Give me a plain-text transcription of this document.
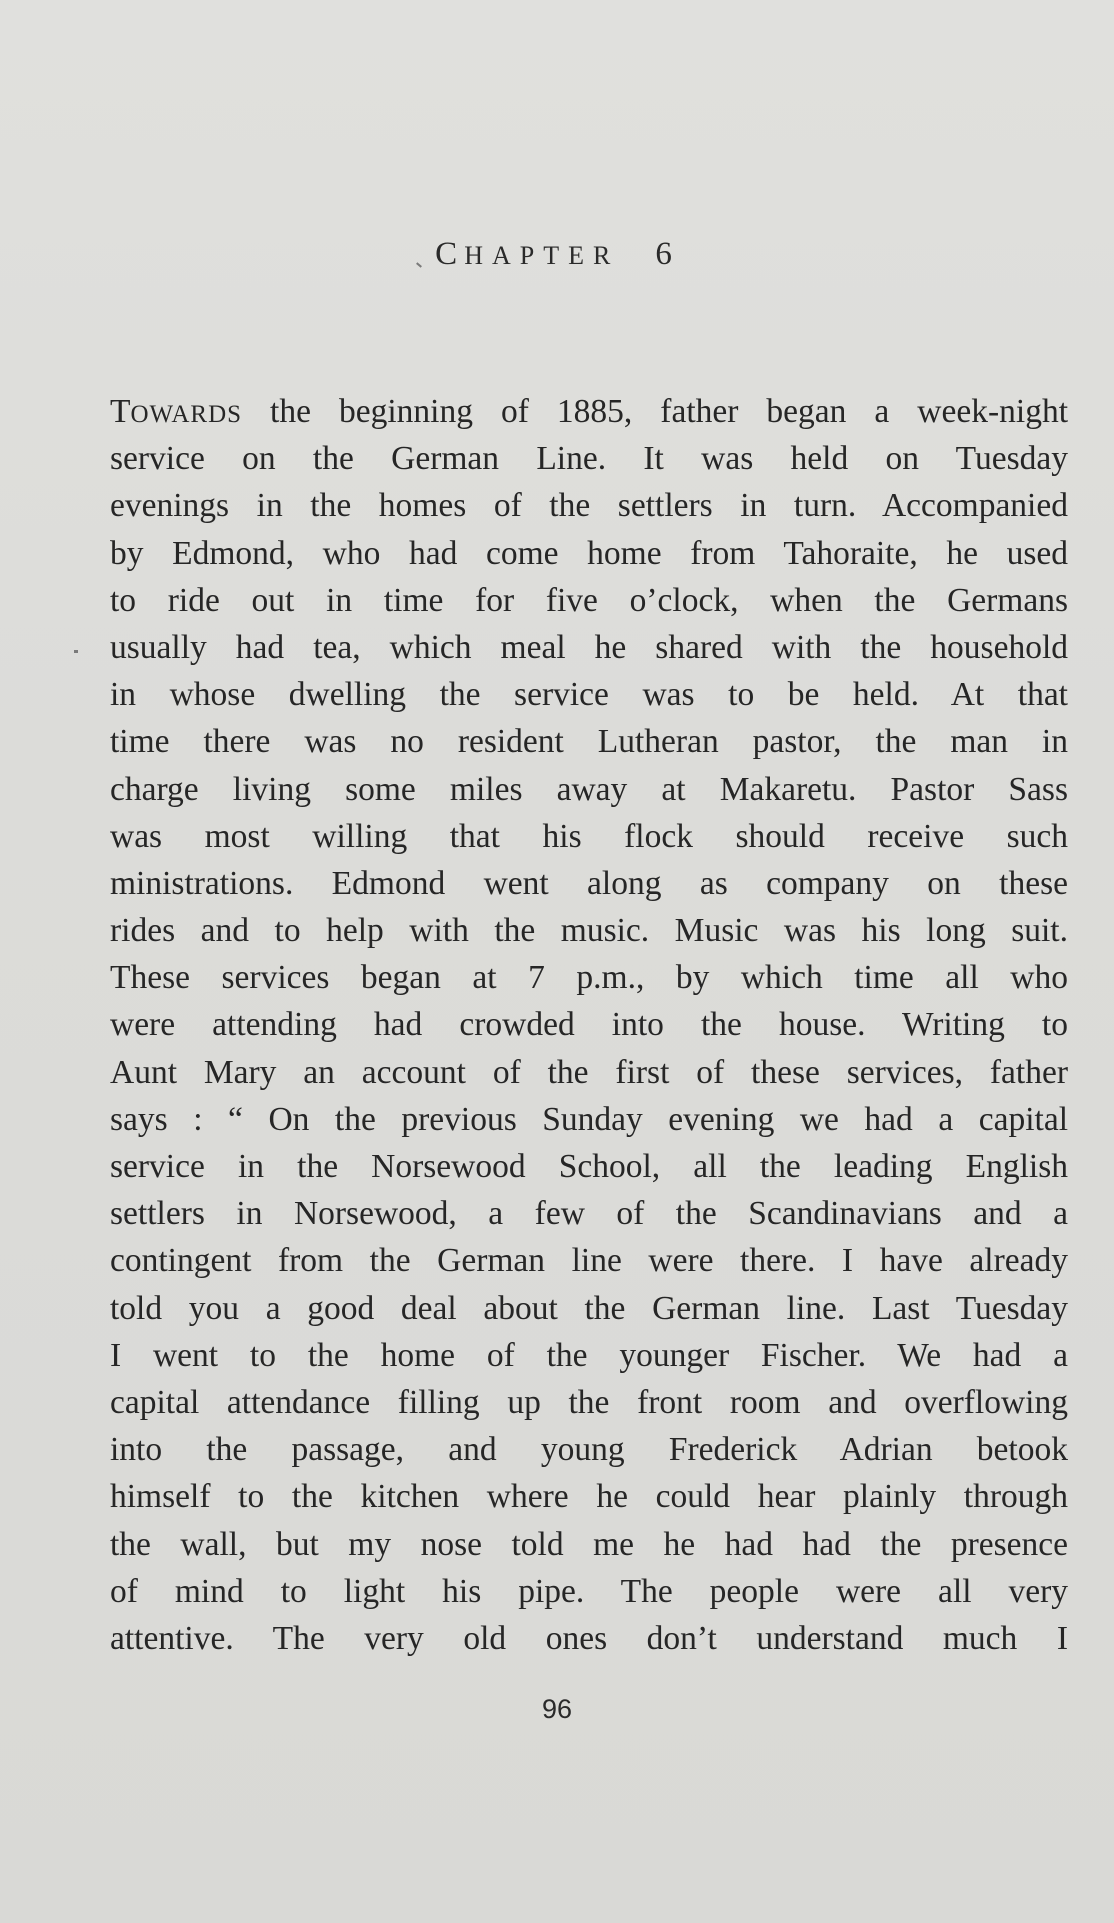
CHAPTER 6
TOWARDS the beginning of 1885, father began a week-night
service on the German Line. It was held on Tuesday
evenings in the homes of the settlers in turn. Accompanied
by Edmond, who had come home from Tahoraite, he used
to ride out in time for five o’clock, when the Germans
usually had tea, which meal he shared with the household
in whose dwelling the service was to be held. At that
time there was no resident Lutheran pastor, the man in
charge living some miles away at Makaretu. Pastor Sass
was most willing that his flock should receive such
ministrations. Edmond went along as company on these
rides and to help with the music. Music was his long suit.
These services began at 7 p.m., by which time all who
were attending had crowded into the house. Writing to
Aunt Mary an account of the first of these services, father
says : “ On the previous Sunday evening we had a capital
service in the Norsewood School, all the leading English
settlers in Norsewood, a few of the Scandinavians and a
contingent from the German line were there. I have already
told you a good deal about the German line. Last Tuesday
I went to the home of the younger Fischer. We had a
capital attendance filling up the front room and overflowing
into the passage, and young Frederick Adrian betook
himself to the kitchen where he could hear plainly through
the wall, but my nose told me he had had the presence
of mind to light his pipe. The people were all very
attentive. The very old ones don’t understand much I
96
